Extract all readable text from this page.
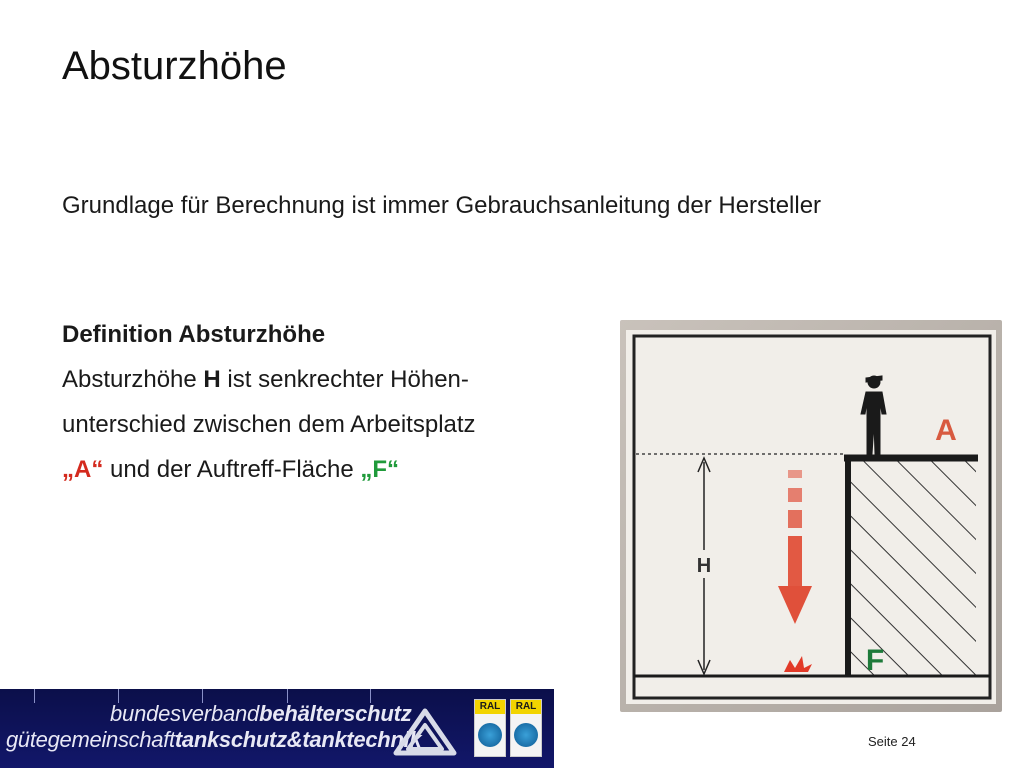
Absturzhöhe

Grundlage für Berechnung ist immer Gebrauchsanleitung der Hersteller

Definition Absturzhöhe
Absturzhöhe H ist senkrechter Höhen-
unterschied zwischen dem Arbeitsplatz
„A“ und der Auftreff-Fläche „F“
H
A
F
bundesverbandbehälterschutz
gütegemeinschafttankschutz&tanktechnik
RAL	RAL
Seite 24
